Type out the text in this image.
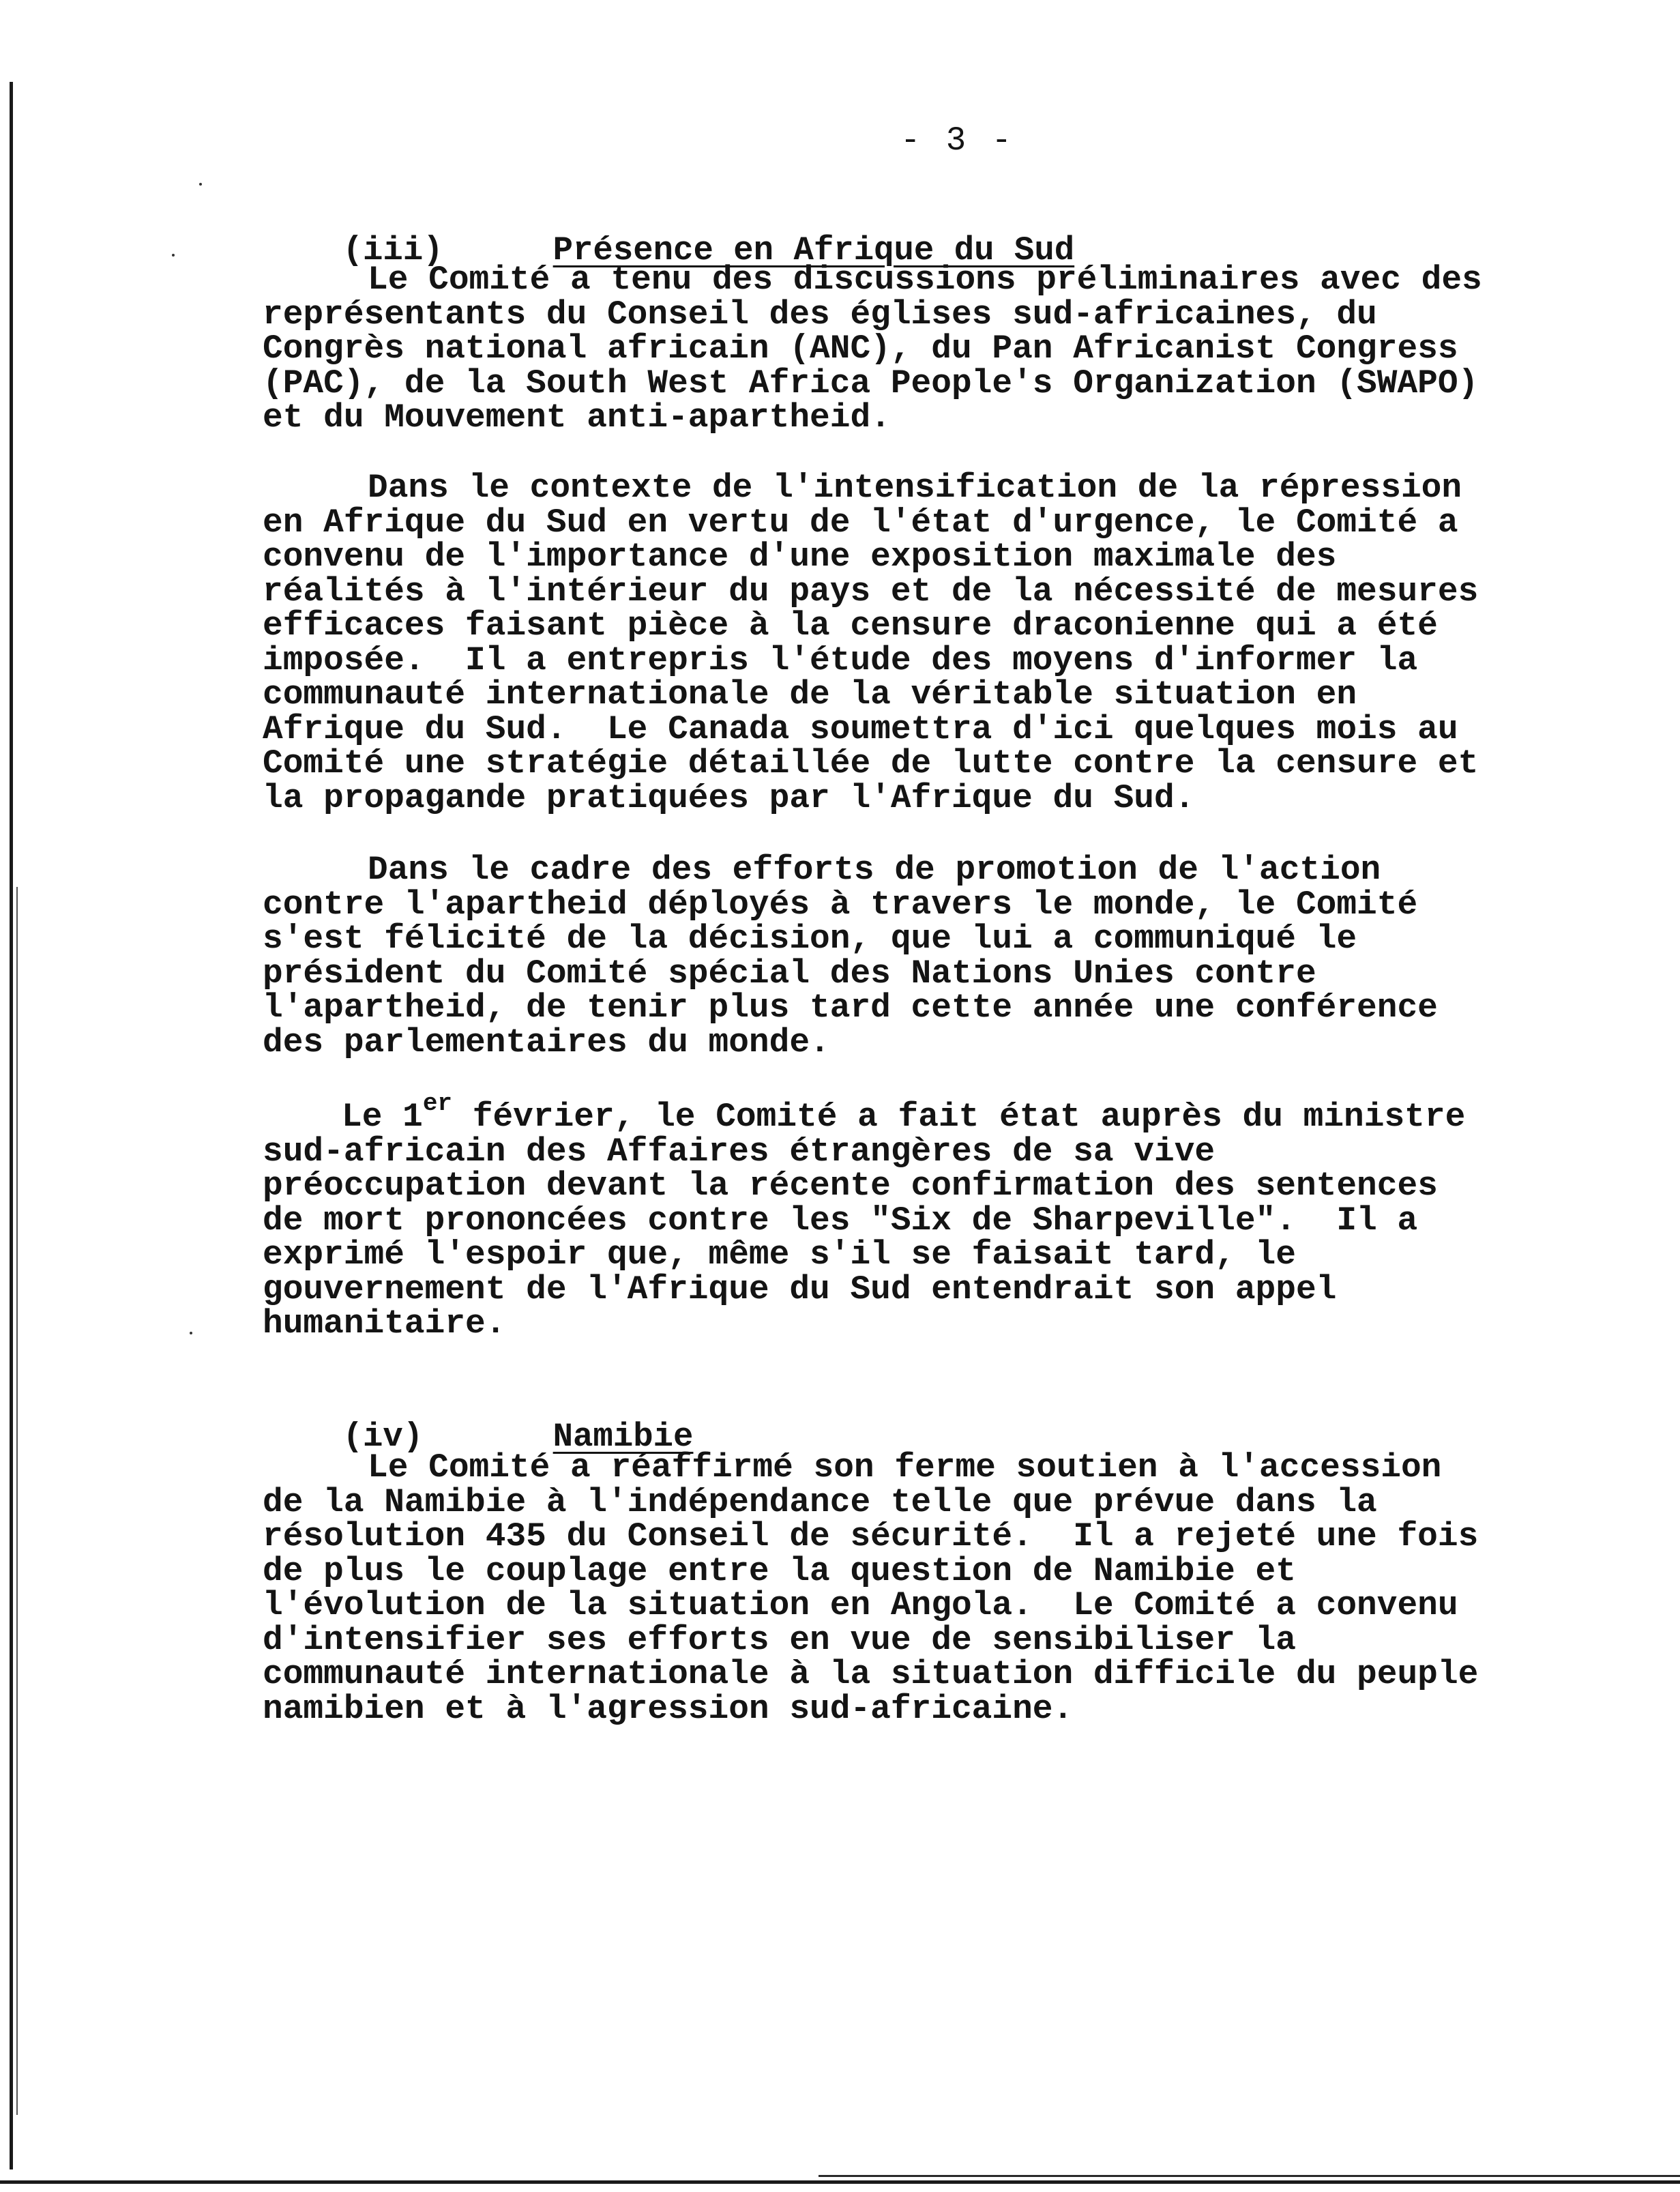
- 3 -

(iii)	Présence en Afrique du Sud

Le Comité a tenu des discussions préliminaires avec des
représentants du Conseil des églises sud-africaines, du
Congrès national africain (ANC), du Pan Africanist Congress
(PAC), de la South West Africa People's Organization (SWAPO)
et du Mouvement anti-apartheid.
Dans le contexte de l'intensification de la répression
en Afrique du Sud en vertu de l'état d'urgence, le Comité a
convenu de l'importance d'une exposition maximale des
réalités à l'intérieur du pays et de la nécessité de mesures
efficaces faisant pièce à la censure draconienne qui a été
imposée.  Il a entrepris l'étude des moyens d'informer la
communauté internationale de la véritable situation en
Afrique du Sud.  Le Canada soumettra d'ici quelques mois au
Comité une stratégie détaillée de lutte contre la censure et
la propagande pratiquées par l'Afrique du Sud.
Dans le cadre des efforts de promotion de l'action
contre l'apartheid déployés à travers le monde, le Comité
s'est félicité de la décision, que lui a communiqué le
président du Comité spécial des Nations Unies contre
l'apartheid, de tenir plus tard cette année une conférence
des parlementaires du monde.
Le 1er février, le Comité a fait état auprès du ministre
sud-africain des Affaires étrangères de sa vive
préoccupation devant la récente confirmation des sentences
de mort prononcées contre les "Six de Sharpeville".  Il a
exprimé l'espoir que, même s'il se faisait tard, le
gouvernement de l'Afrique du Sud entendrait son appel
humanitaire.

(iv)	Namibie

Le Comité a réaffirmé son ferme soutien à l'accession
de la Namibie à l'indépendance telle que prévue dans la
résolution 435 du Conseil de sécurité.  Il a rejeté une fois
de plus le couplage entre la question de Namibie et
l'évolution de la situation en Angola.  Le Comité a convenu
d'intensifier ses efforts en vue de sensibiliser la
communauté internationale à la situation difficile du peuple
namibien et à l'agression sud-africaine.
